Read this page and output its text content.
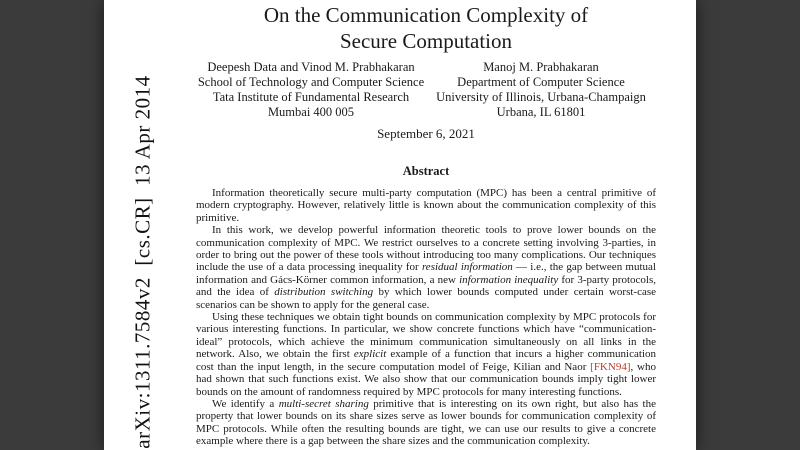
arXiv:1311.7584v2  [cs.CR]  13 Apr 2014
On the Communication Complexity of
Secure Computation
Deepesh Data and Vinod M. Prabhakaran
School of Technology and Computer Science
Tata Institute of Fundamental Research
Mumbai 400 005
Manoj M. Prabhakaran
Department of Computer Science
University of Illinois, Urbana-Champaign
Urbana, IL 61801
September 6, 2021
Abstract

Information theoretically secure multi-party computation (MPC) has been a central primitive of modern cryptography. However, relatively little is known about the communication complexity of this primitive.

In this work, we develop powerful information theoretic tools to prove lower bounds on the communication complexity of MPC. We restrict ourselves to a concrete setting involving 3-parties, in order to bring out the power of these tools without introducing too many complications. Our techniques include the use of a data processing inequality for residual information — i.e., the gap between mutual information and Gács-Körner common information, a new information inequality for 3-party protocols, and the idea of distribution switching by which lower bounds computed under certain worst-case scenarios can be shown to apply for the general case.

Using these techniques we obtain tight bounds on communication complexity by MPC protocols for various interesting functions. In particular, we show concrete functions which have “communication-ideal” protocols, which achieve the minimum communication simultaneously on all links in the network. Also, we obtain the first explicit example of a function that incurs a higher communication cost than the input length, in the secure computation model of Feige, Kilian and Naor [FKN94], who had shown that such functions exist. We also show that our communication bounds imply tight lower bounds on the amount of randomness required by MPC protocols for many interesting functions.

We identify a multi-secret sharing primitive that is interesting on its own right, but also has the property that lower bounds on its share sizes serve as lower bounds for communication complexity of MPC protocols. While often the resulting bounds are tight, we can use our results to give a concrete example where there is a gap between the share sizes and the communication complexity.
